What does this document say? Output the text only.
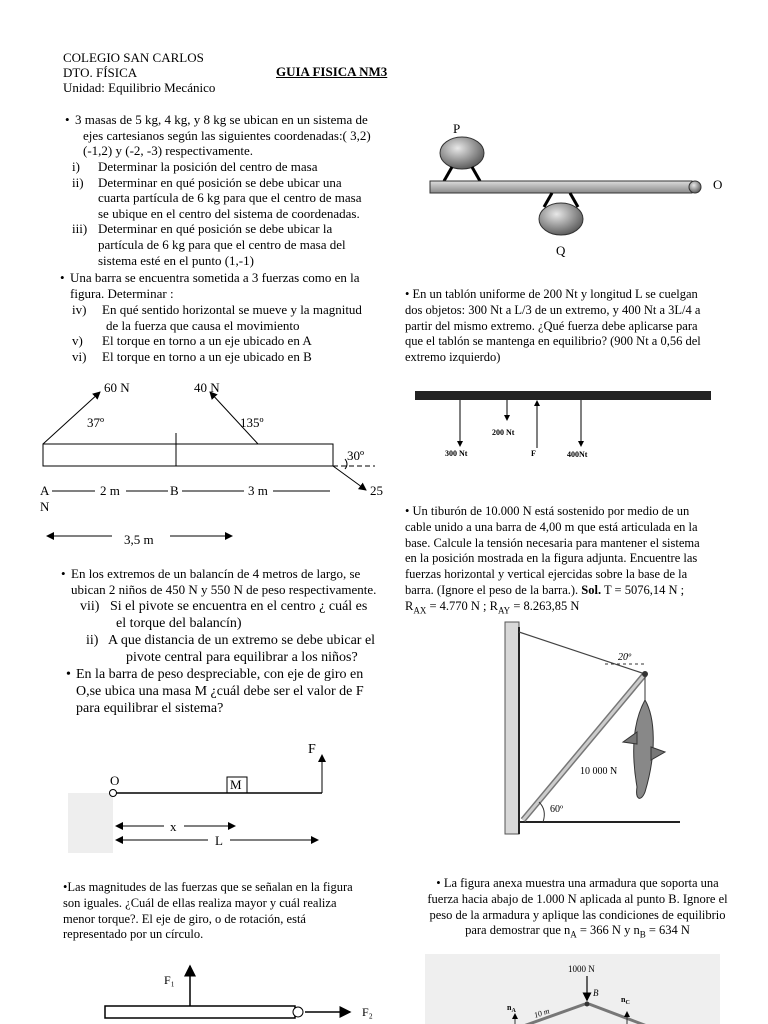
COLEGIO SAN CARLOS
DTO. FÍSICA
Unidad: Equilibrio Mecánico
GUIA FISICA NM3
• 3 masas de 5 kg, 4 kg, y 8 kg se ubican en un sistema de
ejes cartesianos según las siguientes coordenadas:( 3,2)
(-1,2) y (-2, -3) respectivamente.
i)	Determinar la posición del centro de masa
ii)	Determinar en qué posición se debe ubicar una
cuarta partícula de 6 kg para que el centro de masa
se ubique en el centro del sistema de coordenadas.
iii) Determinar en qué posición se debe ubicar la
partícula de 6 kg para que el centro de masa del
sistema esté en el punto (1,-1)
• Una barra se encuentra sometida a 3 fuerzas como en la
figura. Determinar :
iv)	En qué sentido horizontal se mueve y la magnitud
de la fuerza que causa el movimiento
v)	El torque en torno a un eje ubicado en A
vi)	El torque en torno a un eje ubicado en B
60 N	40 N
37º	135º
30º
25
A
N
B
2 m	3 m
3,5 m
• En los extremos de un balancín de 4 metros de largo, se
ubican 2 niños de 450 N y 550 N de peso respectivamente.
vii) Si el pivote se encuentra en el centro ¿ cuál es
el torque del balancín)
ii) A que distancia de un extremo se debe ubicar el
pivote central para equilibrar a los niños?
• En la barra de peso despreciable, con eje de giro en
O,se ubica una masa M ¿cuál debe ser el valor de F
para equilibrar el sistema?
O	M
F
x
L
•Las magnitudes de las fuerzas que se señalan en la figura
son iguales. ¿Cuál de ellas realiza mayor y cuál realiza
menor torque?. El eje de giro, o de rotación, está
representado por un círculo.
F₁
F₂
P
O
Q
• En un tablón uniforme de 200 Nt y longitud L se cuelgan
dos objetos: 300 Nt a L/3 de un extremo, y 400 Nt a 3L/4 a
partir del mismo extremo. ¿Qué fuerza debe aplicarse para
que el tablón se mantenga en equilibrio? (900 Nt a 0,56 del
extremo izquierdo)
300 Nt
200 Nt
F	400Nt
• Un tiburón de 10.000 N está sostenido por medio de un
cable unido a una barra de 4,00 m que está articulada en la
base. Calcule la tensión necesaria para mantener el sistema
en la posición mostrada en la figura adjunta. Encuentre las
fuerzas horizontal y vertical ejercidas sobre la base de la
barra. (Ignore el peso de la barra.). Sol. T = 5076,14 N ;
$R_{AX} = 4.770$ N ; $R_{AY} = 8.263,85$ N
20º
10 000 N
60º
• La figura anexa muestra una armadura que soporta una
fuerza hacia abajo de 1.000 N aplicada al punto B. Ignore el
peso de la armadura y aplique las condiciones de equilibrio
para demostrar que $n_A = 366$ N y $n_B = 634$ N
1000 N
B
10 m
$n_A$
$n_C$
